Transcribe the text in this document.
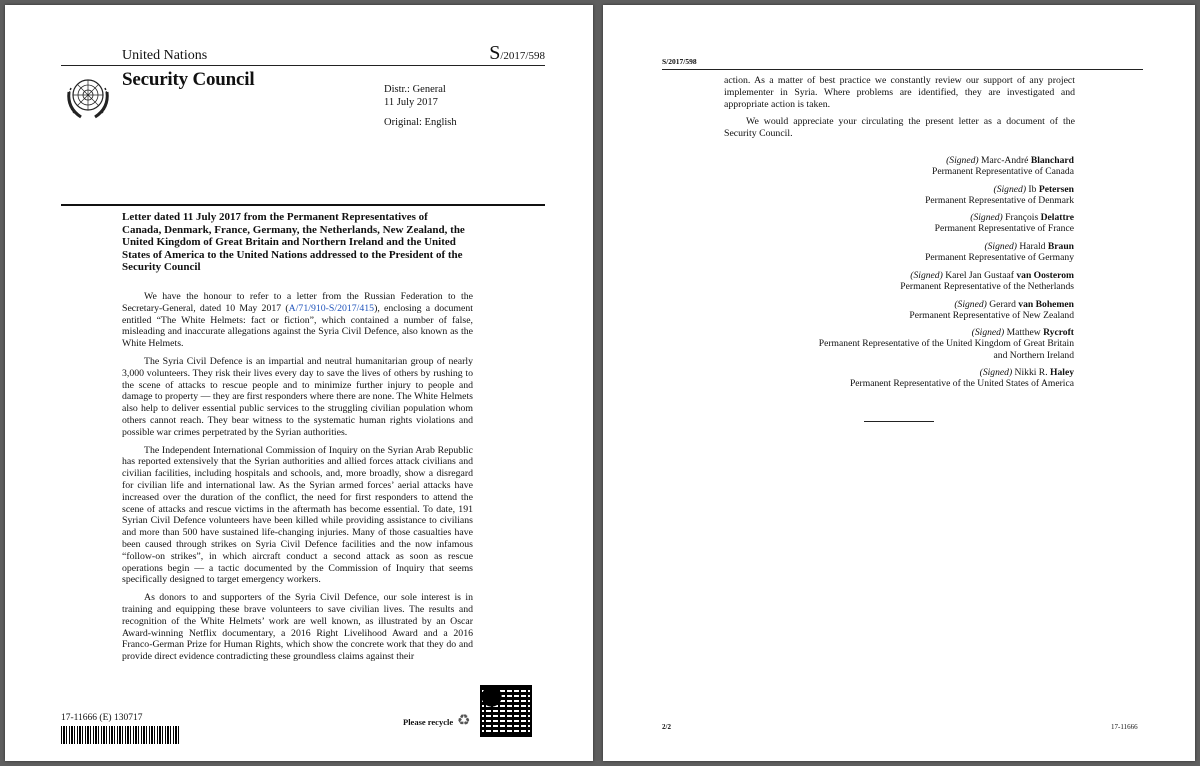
United Nations	S/2017/598
Security Council	Distr.: General
11 July 2017
Original: English
Letter dated 11 July 2017 from the Permanent Representatives of Canada, Denmark, France, Germany, the Netherlands, New Zealand, the United Kingdom of Great Britain and Northern Ireland and the United States of America to the United Nations addressed to the President of the Security Council

We have the honour to refer to a letter from the Russian Federation to the Secretary-General, dated 10 May 2017 (A/71/910-S/2017/415), enclosing a document entitled “The White Helmets: fact or fiction”, which contained a number of false, misleading and inaccurate allegations against the Syria Civil Defence, also known as the White Helmets.

The Syria Civil Defence is an impartial and neutral humanitarian group of nearly 3,000 volunteers. They risk their lives every day to save the lives of others by rushing to the scene of attacks to rescue people and to minimize further injury to people and damage to property — they are first responders where there are none. The White Helmets also help to deliver essential public services to the struggling civilian population whom others cannot reach. They bear witness to the systematic human rights violations and possible war crimes perpetrated by the Syrian authorities.

The Independent International Commission of Inquiry on the Syrian Arab Republic has reported extensively that the Syrian authorities and allied forces attack civilians and civilian facilities, including hospitals and schools, and, more broadly, show a disregard for civilian life and international law. As the Syrian armed forces’ aerial attacks have increased over the duration of the conflict, the need for first responders to attend the scene of attacks and rescue victims in the aftermath has become essential. To date, 191 Syrian Civil Defence volunteers have been killed while providing assistance to civilians and more than 500 have sustained life-changing injuries. Many of those casualties have been caused through strikes on Syria Civil Defence facilities and the now infamous “follow-on strikes”, in which aircraft conduct a second attack as soon as rescue operations begin — a tactic documented by the Commission of Inquiry that seems specifically designed to target emergency workers.

As donors to and supporters of the Syria Civil Defence, our sole interest is in training and equipping these brave volunteers to save civilian lives. The results and recognition of the White Helmets’ work are well known, as illustrated by an Oscar Award-winning Netflix documentary, a 2016 Right Livelihood Award and a 2016 Franco-German Prize for Human Rights, which show the concrete work that they do and provide direct evidence contradicting these groundless claims against their

17-11666 (E) 130717	Please recycle ♻
S/2017/598

action. As a matter of best practice we constantly review our support of any project implementer in Syria. Where problems are identified, they are investigated and appropriate action is taken.

We would appreciate your circulating the present letter as a document of the Security Council.

(Signed) Marc-André Blanchard
Permanent Representative of Canada
(Signed) Ib Petersen
Permanent Representative of Denmark
(Signed) François Delattre
Permanent Representative of France
(Signed) Harald Braun
Permanent Representative of Germany
(Signed) Karel Jan Gustaaf van Oosterom
Permanent Representative of the Netherlands
(Signed) Gerard van Bohemen
Permanent Representative of New Zealand
(Signed) Matthew Rycroft
Permanent Representative of the United Kingdom of Great Britain
and Northern Ireland
(Signed) Nikki R. Haley
Permanent Representative of the United States of America
2/2	17-11666
